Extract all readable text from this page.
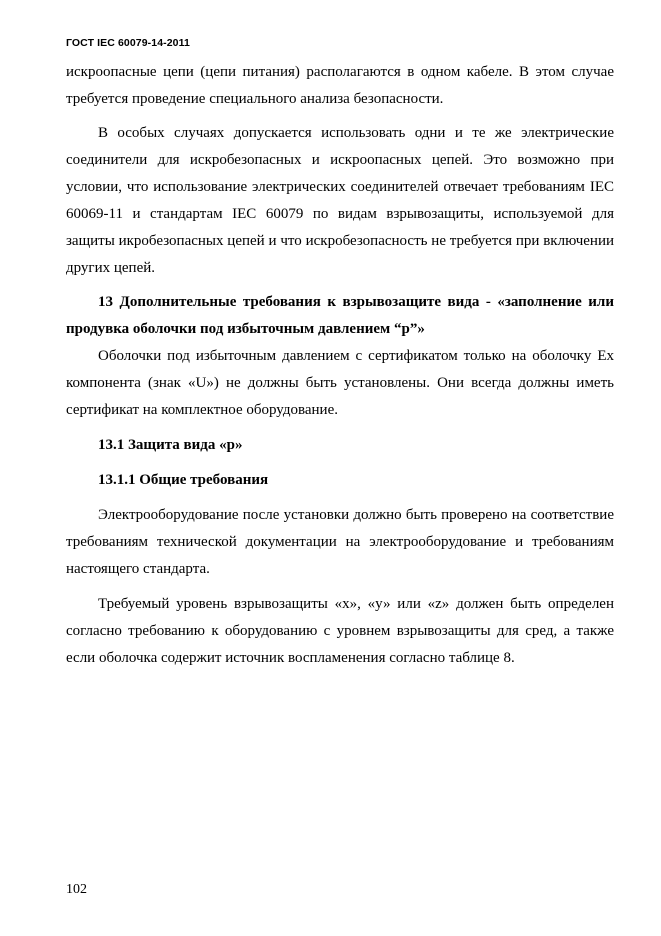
ГОСТ IEC 60079-14-2011

искроопасные цепи (цепи питания) располагаются в одном кабеле. В этом случае требуется проведение специального анализа безопасности.

В особых случаях допускается использовать одни и те же электрические соединители для искробезопасных и искроопасных цепей. Это возможно при условии, что использование электрических соединителей отвечает требованиям IEC 60069-11 и стандартам IEC 60079 по видам взрывозащиты, используемой для защиты икробезопасных цепей и что искробезопасность не требуется при включении других цепей.

13 Дополнительные требования к взрывозащите вида - «заполнение или продувка оболочки под избыточным давлением “р”»

Оболочки под избыточным давлением с сертификатом только на оболочку Ex компонента (знак «U») не должны быть установлены. Они всегда должны иметь сертификат на комплектное оборудование.

13.1 Защита вида «р»

13.1.1 Общие требования

Электрооборудование после установки должно быть проверено на соответствие требованиям технической документации на электрооборудование и требованиям настоящего стандарта.

Требуемый уровень взрывозащиты «х», «у» или «z» должен быть определен согласно требованию к оборудованию с уровнем взрывозащиты для сред, а также если оболочка содержит источник воспламенения согласно таблице 8.

102
